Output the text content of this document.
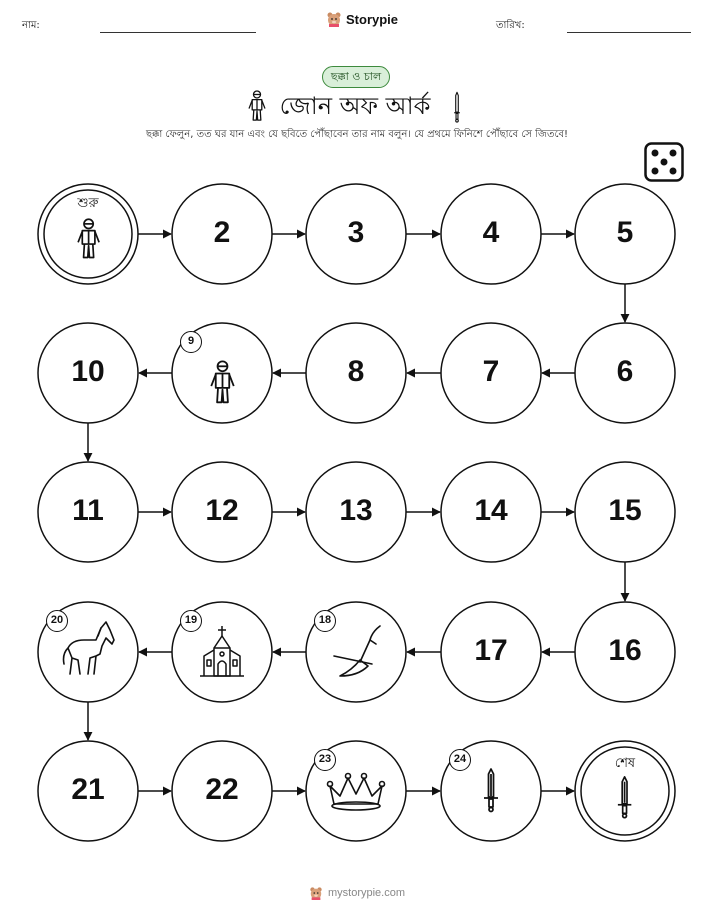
নাম:	Storypie	তারিখ:
ছক্কা ও চাল
জোন অফ আর্ক
ছক্কা ফেলুন, তত ঘর যান এবং যে ছবিতে পৌঁছাবেন তার নাম বলুন। যে প্রথমে ফিনিশে পৌঁছাবে সে জিতবে!
শুরু
শেষ
2	3	4	5
10	8	7	6
11	12	13	14	15
17	16
21	22
9
20	19	18
23	24
mystorypie.com
